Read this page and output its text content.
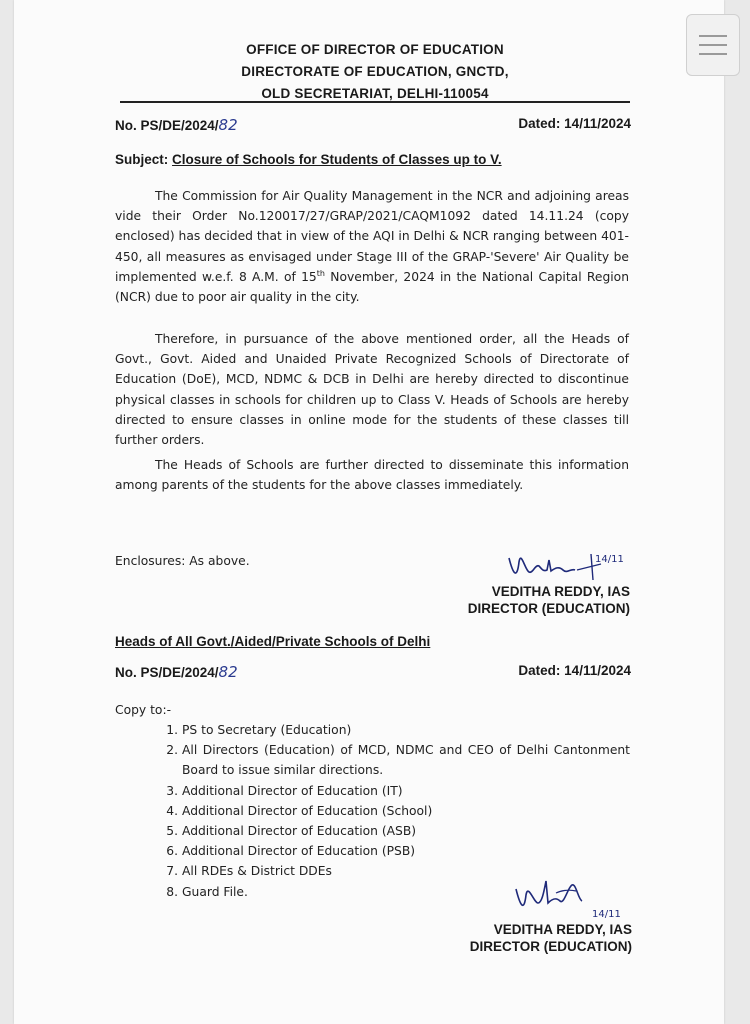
OFFICE OF DIRECTOR OF EDUCATION
DIRECTORATE OF EDUCATION, GNCTD,
OLD SECRETARIAT, DELHI-110054
No. PS/DE/2024/82	Dated: 14/11/2024
Subject: Closure of Schools for Students of Classes up to V.
The Commission for Air Quality Management in the NCR and adjoining areas vide their Order No.120017/27/GRAP/2021/CAQM1092 dated 14.11.24 (copy enclosed) has decided that in view of the AQI in Delhi & NCR ranging between 401-450, all measures as envisaged under Stage III of the GRAP-'Severe' Air Quality be implemented w.e.f. 8 A.M. of 15th November, 2024 in the National Capital Region (NCR) due to poor air quality in the city.
Therefore, in pursuance of the above mentioned order, all the Heads of Govt., Govt. Aided and Unaided Private Recognized Schools of Directorate of Education (DoE), MCD, NDMC & DCB in Delhi are hereby directed to discontinue physical classes in schools for children up to Class V. Heads of Schools are hereby directed to ensure classes in online mode for the students of these classes till further orders.
The Heads of Schools are further directed to disseminate this information among parents of the students for the above classes immediately.
Enclosures: As above.	14/11
VEDITHA REDDY, IAS
DIRECTOR (EDUCATION)
Heads of All Govt./Aided/Private Schools of Delhi
No. PS/DE/2024/82	Dated: 14/11/2024
Copy to:-
1. PS to Secretary (Education)
2. All Directors (Education) of MCD, NDMC and CEO of Delhi Cantonment Board to issue similar directions.
3. Additional Director of Education (IT)
4. Additional Director of Education (School)
5. Additional Director of Education (ASB)
6. Additional Director of Education (PSB)
7. All RDEs & District DDEs
8. Guard File.
14/11
VEDITHA REDDY, IAS
DIRECTOR (EDUCATION)
